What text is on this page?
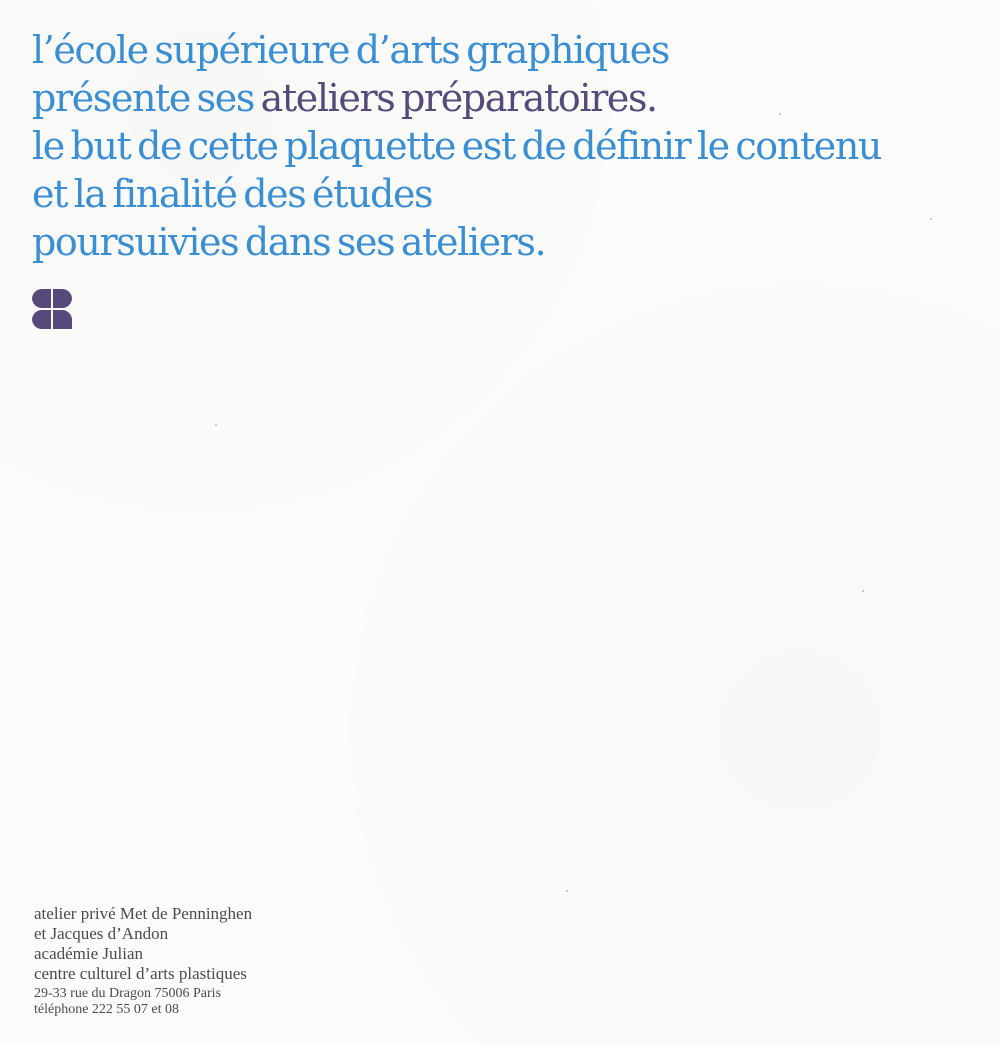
l’école supérieure d’arts graphiques
présente ses ateliers préparatoires.
le but de cette plaquette est de définir le contenu
et la finalité des études
poursuivies dans ses ateliers.
atelier privé Met de Penninghen
et Jacques d’Andon
académie Julian
centre culturel d’arts plastiques
29-33 rue du Dragon 75006 Paris
téléphone 222 55 07 et 08
